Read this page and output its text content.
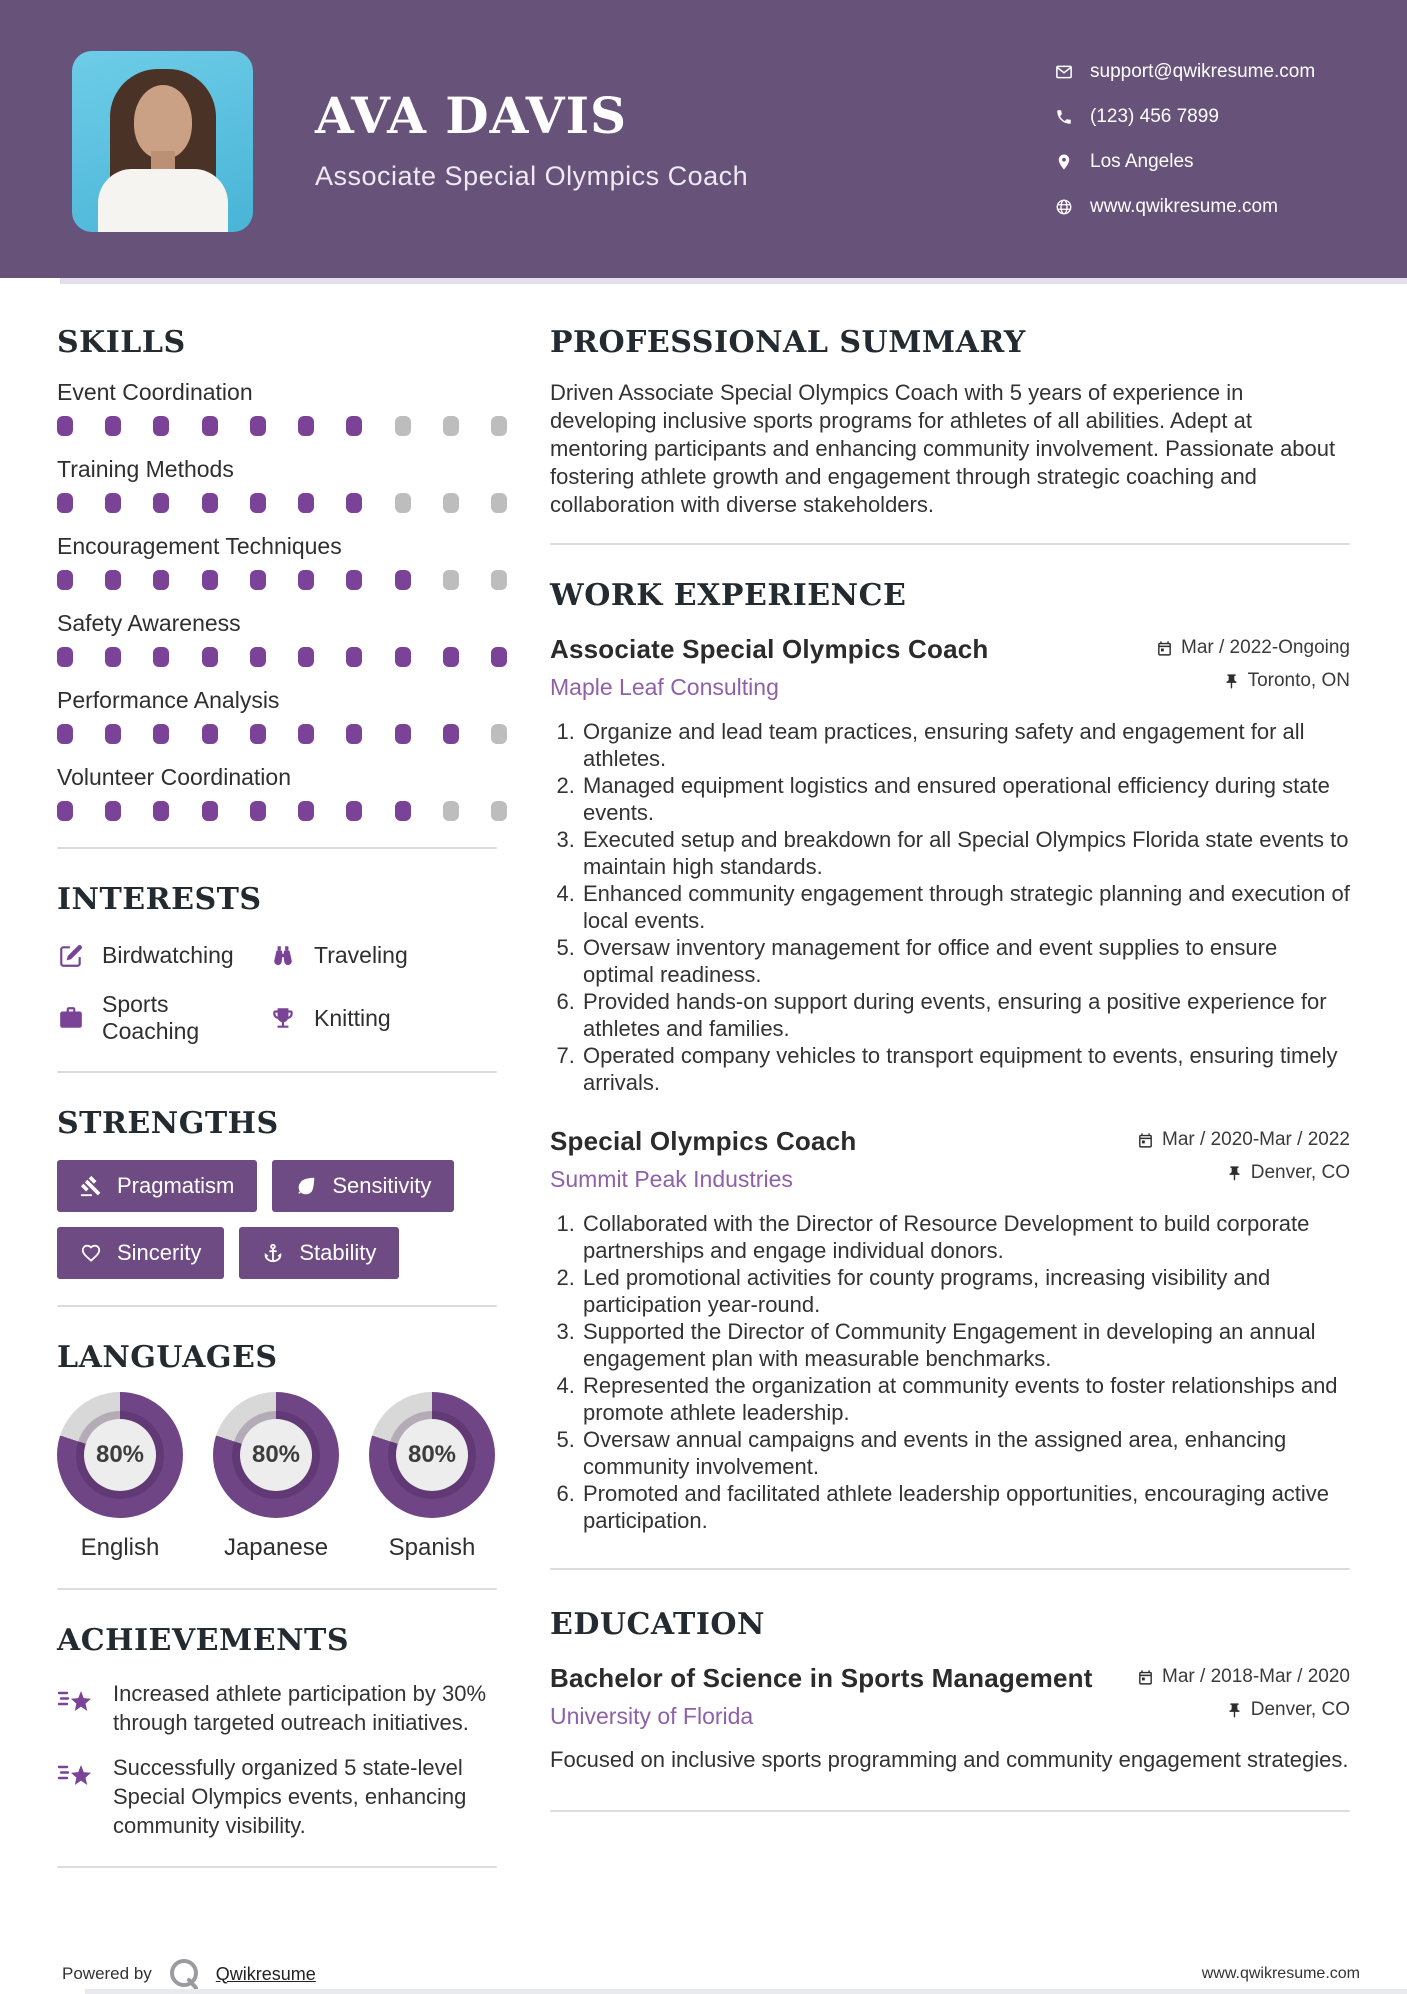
AVA DAVIS
Associate Special Olympics Coach
support@qwikresume.com
(123) 456 7899
Los Angeles
www.qwikresume.com
SKILLS
Event Coordination
Training Methods
Encouragement Techniques
Safety Awareness
Performance Analysis
Volunteer Coordination
INTERESTS
Birdwatching	Traveling
Sports Coaching
Knitting
STRENGTHS
Pragmatism	Sensitivity
Sincerity	Stability
LANGUAGES
80%
English
80%
Japanese
80%
Spanish
ACHIEVEMENTS
Increased athlete participation by 30% through targeted outreach initiatives.
Successfully organized 5 state-level Special Olympics events, enhancing community visibility.
PROFESSIONAL SUMMARY

Driven Associate Special Olympics Coach with 5 years of experience in developing inclusive sports programs for athletes of all abilities. Adept at mentoring participants and enhancing community involvement. Passionate about fostering athlete growth and engagement through strategic coaching and collaboration with diverse stakeholders.

WORK EXPERIENCE
Associate Special Olympics Coach
Maple Leaf Consulting
Mar / 2022-Ongoing
Toronto, ON
1. Organize and lead team practices, ensuring safety and engagement for all athletes.
2. Managed equipment logistics and ensured operational efficiency during state events.
3. Executed setup and breakdown for all Special Olympics Florida state events to maintain high standards.
4. Enhanced community engagement through strategic planning and execution of local events.
5. Oversaw inventory management for office and event supplies to ensure optimal readiness.
6. Provided hands-on support during events, ensuring a positive experience for athletes and families.
7. Operated company vehicles to transport equipment to events, ensuring timely arrivals.
Special Olympics Coach
Summit Peak Industries
Mar / 2020-Mar / 2022
Denver, CO
1. Collaborated with the Director of Resource Development to build corporate partnerships and engage individual donors.
2. Led promotional activities for county programs, increasing visibility and participation year-round.
3. Supported the Director of Community Engagement in developing an annual engagement plan with measurable benchmarks.
4. Represented the organization at community events to foster relationships and promote athlete leadership.
5. Oversaw annual campaigns and events in the assigned area, enhancing community involvement.
6. Promoted and facilitated athlete leadership opportunities, encouraging active participation.
EDUCATION
Bachelor of Science in Sports Management
University of Florida
Mar / 2018-Mar / 2020
Denver, CO

Focused on inclusive sports programming and community engagement strategies.

Powered by	Qwikresume	www.qwikresume.com
